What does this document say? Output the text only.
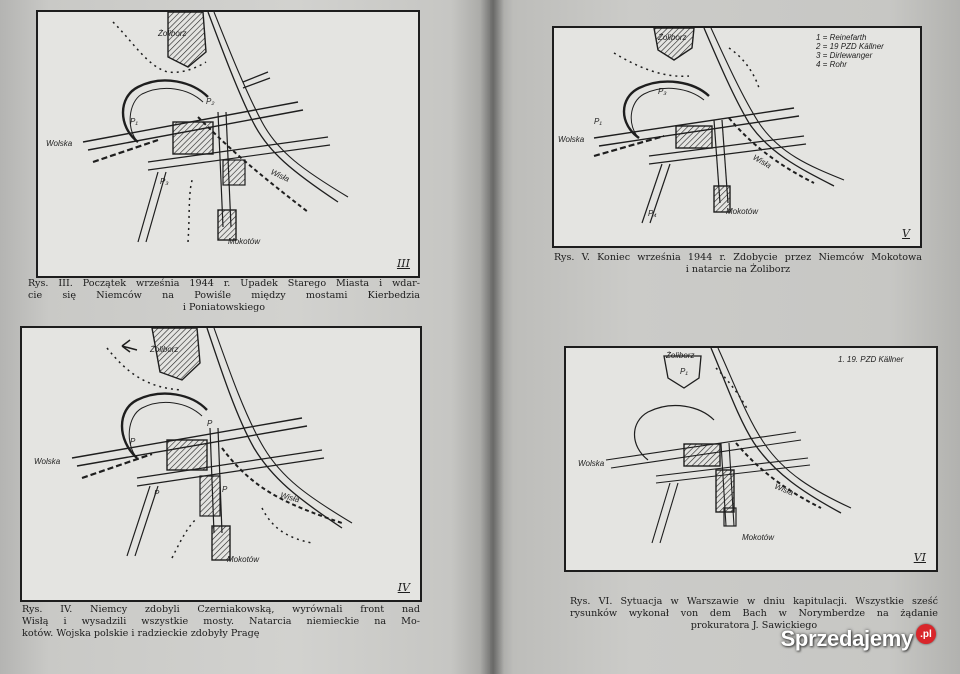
Żoliborz
Wolska
Mokotów
Wisła
P₁
P₂
P₃
III
Rys. III. Początek września 1944 r. Upadek Starego Miasta i wdar-
cie się Niemców na Powiśle między mostami Kierbedzia
i Poniatowskiego
Żoliborz
Wolska
Mokotów
Wisła
P
P
P	P
IV
Rys. IV. Niemcy zdobyli Czerniakowską, wyrównali front nad
Wisłą i wysadzili wszystkie mosty. Natarcia niemieckie na Mo-
kotów. Wojska polskie i radzieckie zdobyły Pragę
Żoliborz
Wolska
Mokotów
Wisła
P₁
P₃
P₄
1 = Reinefarth
2 = 19 PZD Källner
3 = Dirlewanger
4 = Rohr
V
Rys. V. Koniec września 1944 r. Zdobycie przez Niemców Mokotowa
i natarcie na Żoliborz
Żoliborz
Wolska
Mokotów
Wisła
P₁
1. 19. PZD Källner
VI
Rys. VI. Sytuacja w Warszawie w dniu kapitulacji. Wszystkie sześć
rysunków wykonał von dem Bach w Norymberdze na żądanie
prokuratora J. Sawickiego
Sprzedajemy .pl
